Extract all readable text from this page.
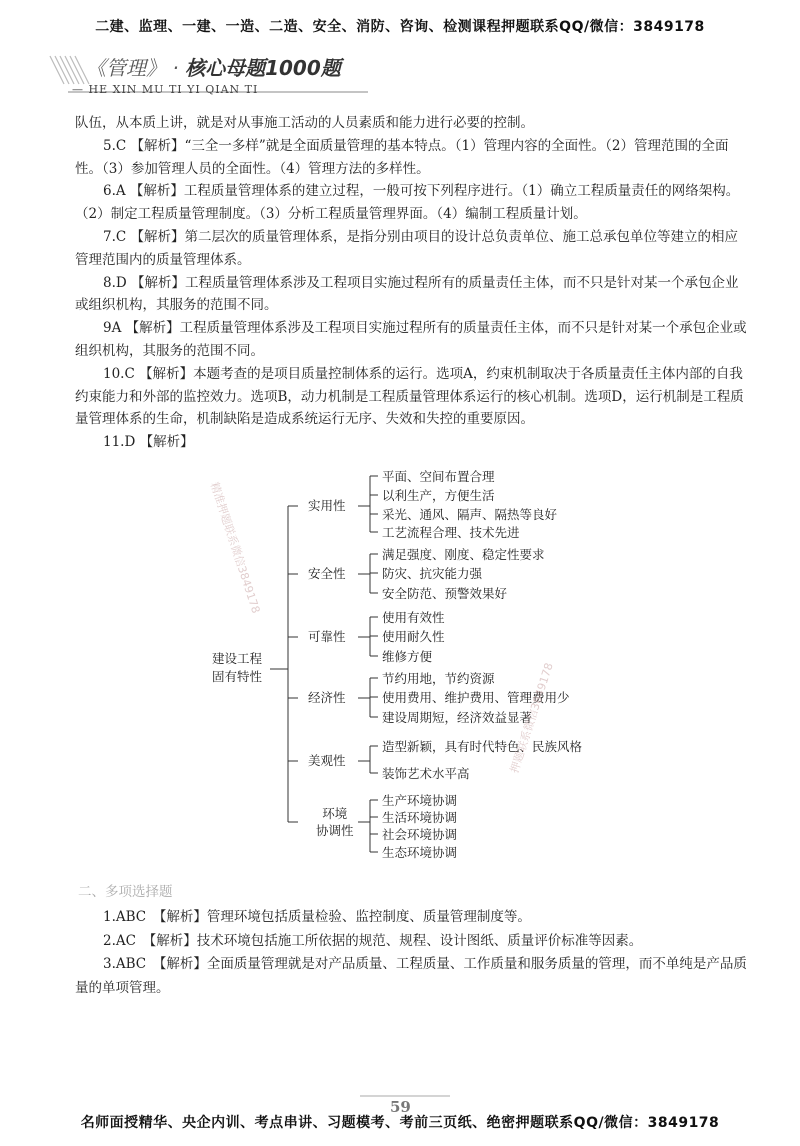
二建、监理、一建、一造、二造、安全、消防、咨询、检测课程押题联系QQ/微信：3849178
《管理》 · 核心母题1000题
— HE XIN MU TI YI QIAN TI

队伍，从本质上讲，就是对从事施工活动的人员素质和能力进行必要的控制。

5.C 【解析】“三全一多样”就是全面质量管理的基本特点。（1）管理内容的全面性。（2）管理范围的全面性。（3）参加管理人员的全面性。（4）管理方法的多样性。

6.A 【解析】工程质量管理体系的建立过程，一般可按下列程序进行。（1）确立工程质量责任的网络架构。（2）制定工程质量管理制度。（3）分析工程质量管理界面。（4）编制工程质量计划。

7.C 【解析】第二层次的质量管理体系，是指分别由项目的设计总负责单位、施工总承包单位等建立的相应管理范围内的质量管理体系。

8.D 【解析】工程质量管理体系涉及工程项目实施过程所有的质量责任主体，而不只是针对某一个承包企业或组织机构，其服务的范围不同。

9A 【解析】工程质量管理体系涉及工程项目实施过程所有的质量责任主体，而不只是针对某一个承包企业或组织机构，其服务的范围不同。

10.C 【解析】本题考查的是项目质量控制体系的运行。选项A，约束机制取决于各质量责任主体内部的自我约束能力和外部的监控效力。选项B，动力机制是工程质量管理体系运行的核心机制。选项D，运行机制是工程质量管理体系的生命，机制缺陷是造成系统运行无序、失效和失控的重要原因。

11.D 【解析】

建设工程
固有特性
实用性
安全性
可靠性
经济性
美观性
环境
协调性
平面、空间布置合理
以利生产，方便生活
采光、通风、隔声、隔热等良好
工艺流程合理、技术先进
满足强度、刚度、稳定性要求
防灾、抗灾能力强
安全防范、预警效果好
使用有效性
使用耐久性
维修方便
节约用地，节约资源
使用费用、维护费用、管理费用少
建设周期短，经济效益显著
造型新颖，具有时代特色、民族风格
装饰艺术水平高
生产环境协调
生活环境协调
社会环境协调
生态环境协调
精准押题联系微信3849178
押题联系微信3849178
二、多项选择题

1.ABC　【解析】管理环境包括质量检验、监控制度、质量管理制度等。

2.AC　【解析】技术环境包括施工所依据的规范、规程、设计图纸、质量评价标准等因素。

3.ABC　【解析】全面质量管理就是对产品质量、工程质量、工作质量和服务质量的管理，而不单纯是产品质量的单项管理。

59
名师面授精华、央企内训、考点串讲、习题模考、考前三页纸、绝密押题联系QQ/微信：3849178
